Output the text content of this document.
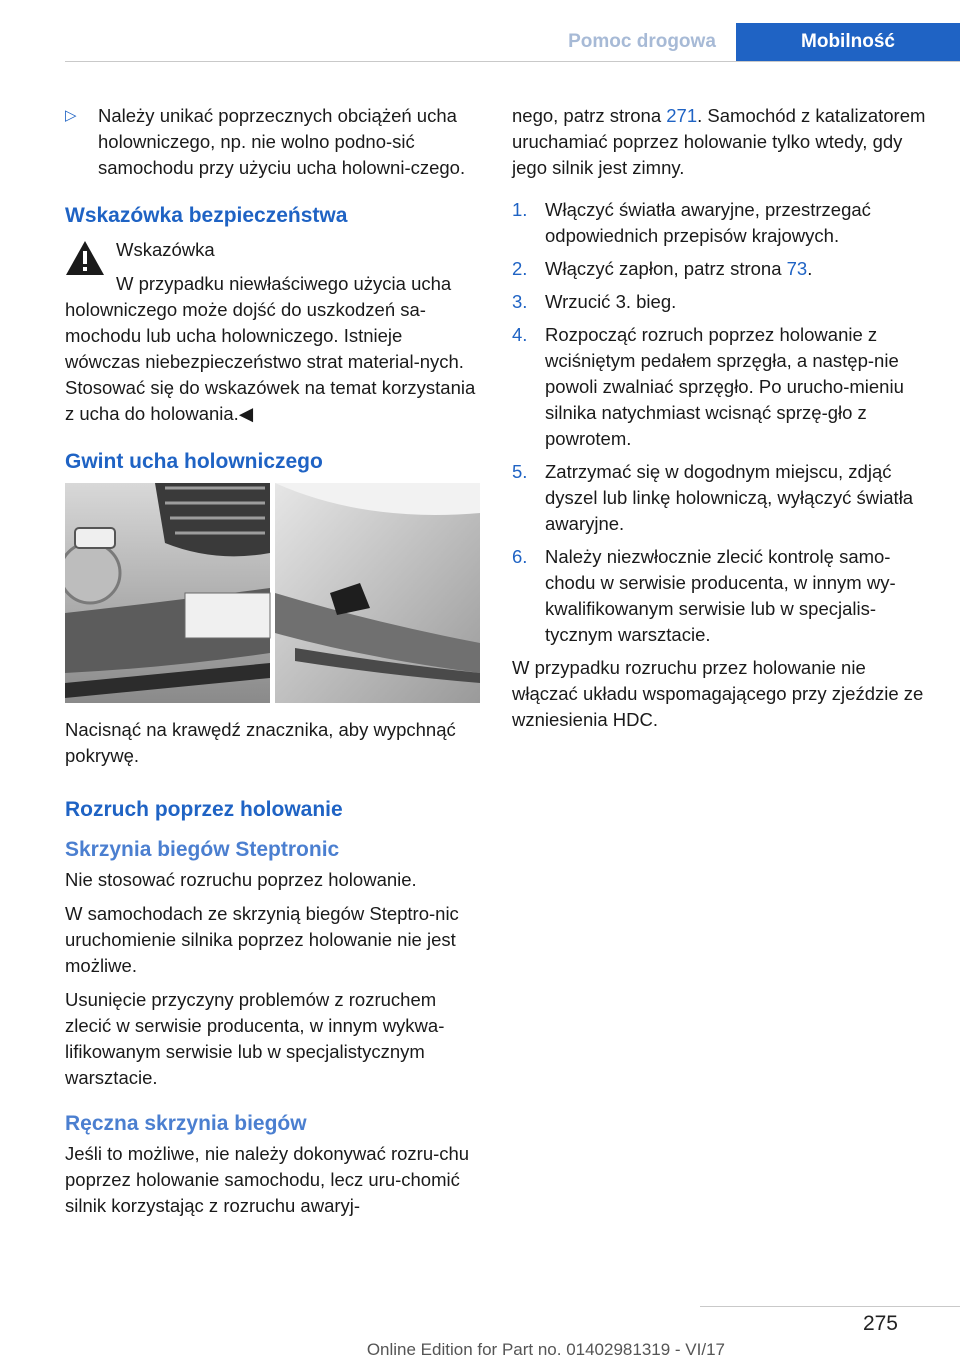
Pomoc drogowa	Mobilność
▷ Należy unikać poprzecznych obciążeń ucha holowniczego, np. nie wolno podno‐sić samochodu przy użyciu ucha holowni‐czego.
Wskazówka bezpieczeństwa

Wskazówka

W przypadku niewłaściwego użycia ucha holowniczego może dojść do uszkodzeń sa‐mochodu lub ucha holowniczego. Istnieje wówczas niebezpieczeństwo strat material‐nych. Stosować się do wskazówek na temat korzystania z ucha do holowania.◀

Gwint ucha holowniczego

Nacisnąć na krawędź znacznika, aby wypchnąć pokrywę.

Rozruch poprzez holowanie
Skrzynia biegów Steptronic

Nie stosować rozruchu poprzez holowanie.

W samochodach ze skrzynią biegów Steptro‐nic uruchomienie silnika poprzez holowanie nie jest możliwe.

Usunięcie przyczyny problemów z rozruchem zlecić w serwisie producenta, w innym wykwa‐lifikowanym serwisie lub w specjalistycznym warsztacie.

Ręczna skrzynia biegów

Jeśli to możliwe, nie należy dokonywać rozru‐chu poprzez holowanie samochodu, lecz uru‐chomić silnik korzystając z rozruchu awaryj‐

nego, patrz strona 271. Samochód z katalizatorem uruchamiać poprzez holowanie tylko wtedy, gdy jego silnik jest zimny.

1. Włączyć światła awaryjne, przestrzegać odpowiednich przepisów krajowych.
2. Włączyć zapłon, patrz strona 73.
3. Wrzucić 3. bieg.
4. Rozpocząć rozruch poprzez holowanie z wciśniętym pedałem sprzęgła, a następ‐nie powoli zwalniać sprzęgło. Po urucho‐mieniu silnika natychmiast wcisnąć sprzę‐gło z powrotem.
5. Zatrzymać się w dogodnym miejscu, zdjąć dyszel lub linkę holowniczą, wyłączyć światła awaryjne.
6. Należy niezwłocznie zlecić kontrolę samo‐chodu w serwisie producenta, w innym wy‐kwalifikowanym serwisie lub w specjalis‐tycznym warsztacie.

W przypadku rozruchu przez holowanie nie włączać układu wspomagającego przy zjeździe ze wzniesienia HDC.

275
Online Edition for Part no. 01402981319 - VI/17
